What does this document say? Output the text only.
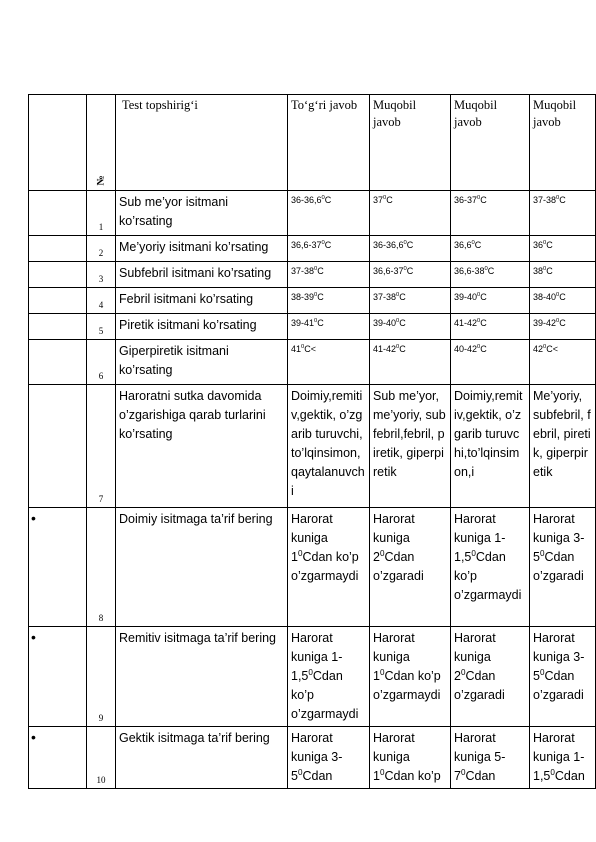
	№	Test topshirig‘i	To‘g‘ri javob	Muqobil javob	Muqobil javob	Muqobil javob
	1	Sub me’yor isitmani ko’rsating	36-36,6$^0$C	$37^0C$	$36-37^0C$	$37-38^0C$
	2	Me’yoriy isitmani ko’rsating	$36,6-37^0C$	36-36,6$^0$C	36,6$^0$C	$36^0C$
	3	Subfebril isitmani ko’rsating	$37-38^0C$	$36,6-37^0C$	$36,6-38^0C$	$38^0C$
	4	Febril isitmani ko’rsating	$38-39^0C$	$37-38^0C$	$39-40^0C$	$38-40^0C$
	5	Piretik isitmani ko’rsating	$39-41^0C$	$39-40^0C$	$41-42^0C$	$39-42^0C$
	6	Giperpiretik isitmani ko’rsating	$41^0C<$	$41-42^0C$	$40-42^0C$	$42^0C<$
	7	Haroratni sutka davomida o’zgarishiga qarab turlarini ko’rsating	Doimiy,remitiv,gektik, o’zgarib turuvchi,to’lqinsimon,qaytalanuvchi	Sub me’yor, me’yoriy, subfebril,febril, piretik, giperpiretik	Doimiy,remitiv,gektik, o’zgarib turuvchi,to’lqinsimon,i	Me’yoriy, subfebril, febril, piretik, giperpiretik
•	8	Doimiy isitmaga ta’rif bering	Harorat kuniga $1^0Cdan$ ko’p o’zgarmaydi	Harorat kuniga $2^0Cdan$ o’zgaradi	Harorat kuniga $1-1,5^0Cdan$ ko’p o’zgarmaydi	Harorat kuniga $3-5^0Cdan$ o’zgaradi
•	9	Remitiv isitmaga ta’rif bering	Harorat kuniga $1-1,5^0Cdan$ ko’p o’zgarmaydi	Harorat kuniga $1^0Cdan$ ko’p o’zgarmaydi	Harorat kuniga $2^0Cdan$ o’zgaradi	Harorat kuniga $3-5^0Cdan$ o’zgaradi
•	10	Gektik isitmaga ta’rif bering	Harorat kuniga $3-5^0Cdan$	Harorat kuniga $1^0Cdan$ ko’p	Harorat kuniga $5-7^0Cdan$	Harorat kuniga $1-1,5^0Cdan$
